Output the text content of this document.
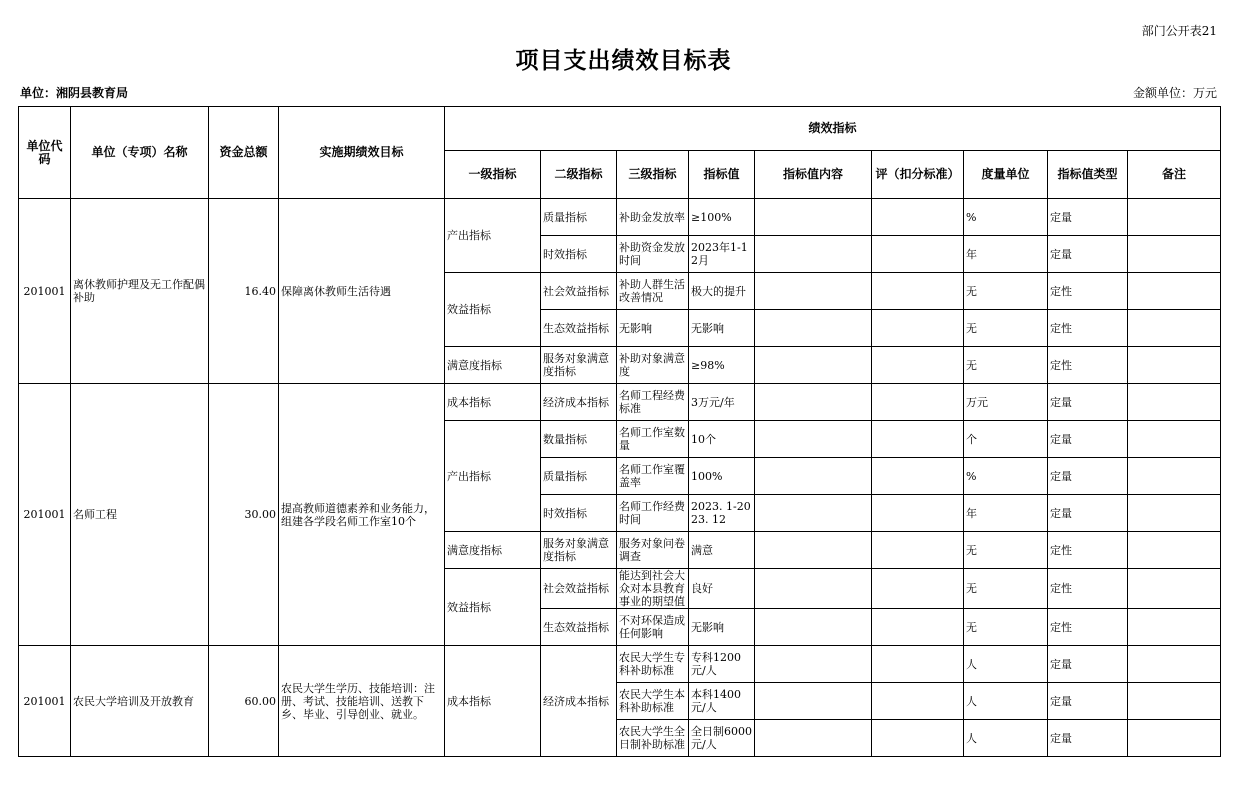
部门公开表21
项目支出绩效目标表
单位：湘阴县教育局	金额单位：万元
单位代码	单位（专项）名称	资金总额	实施期绩效目标	绩效指标								
				一级指标	二级指标	三级指标	指标值	指标值内容	评（扣分标准）	度量单位	指标值类型	备注
201001	离休教师护理及无工作配偶补助	16.40	保障离休教师生活待遇	产出指标	质量指标	补助金发放率	≥100%			%	定量	
					时效指标	补助资金发放时间	2023年1-12月			年	定量	
				效益指标	社会效益指标	补助人群生活改善情况	极大的提升			无	定性	
					生态效益指标	无影响	无影响			无	定性	
				满意度指标	服务对象满意度指标	补助对象满意度	≥98%			无	定性	
201001	名师工程	30.00	提高教师道德素养和业务能力，组建各学段名师工作室10个	成本指标	经济成本指标	名师工程经费标准	3万元/年			万元	定量	
				产出指标	数量指标	名师工作室数量	10个			个	定量	
					质量指标	名师工作室覆盖率	100%			%	定量	
					时效指标	名师工作经费时间	2023. 1-2023. 12			年	定量	
				满意度指标	服务对象满意度指标	服务对象问卷调查	满意			无	定性	
				效益指标	社会效益指标	能达到社会大众对本县教育事业的期望值	良好			无	定性	
					生态效益指标	不对环保造成任何影响	无影响			无	定性	
201001	农民大学培训及开放教育	60.00	农民大学生学历、技能培训：注册、考试、技能培训、送教下乡、毕业、引导创业、就业。	成本指标	经济成本指标	农民大学生专科补助标准	专科1200元/人			人	定量	

						农民大学生本科补助标准	本科1400元/人			人	定量	

						农民大学生全日制补助标准	全日制6000元/人			人	定量	
